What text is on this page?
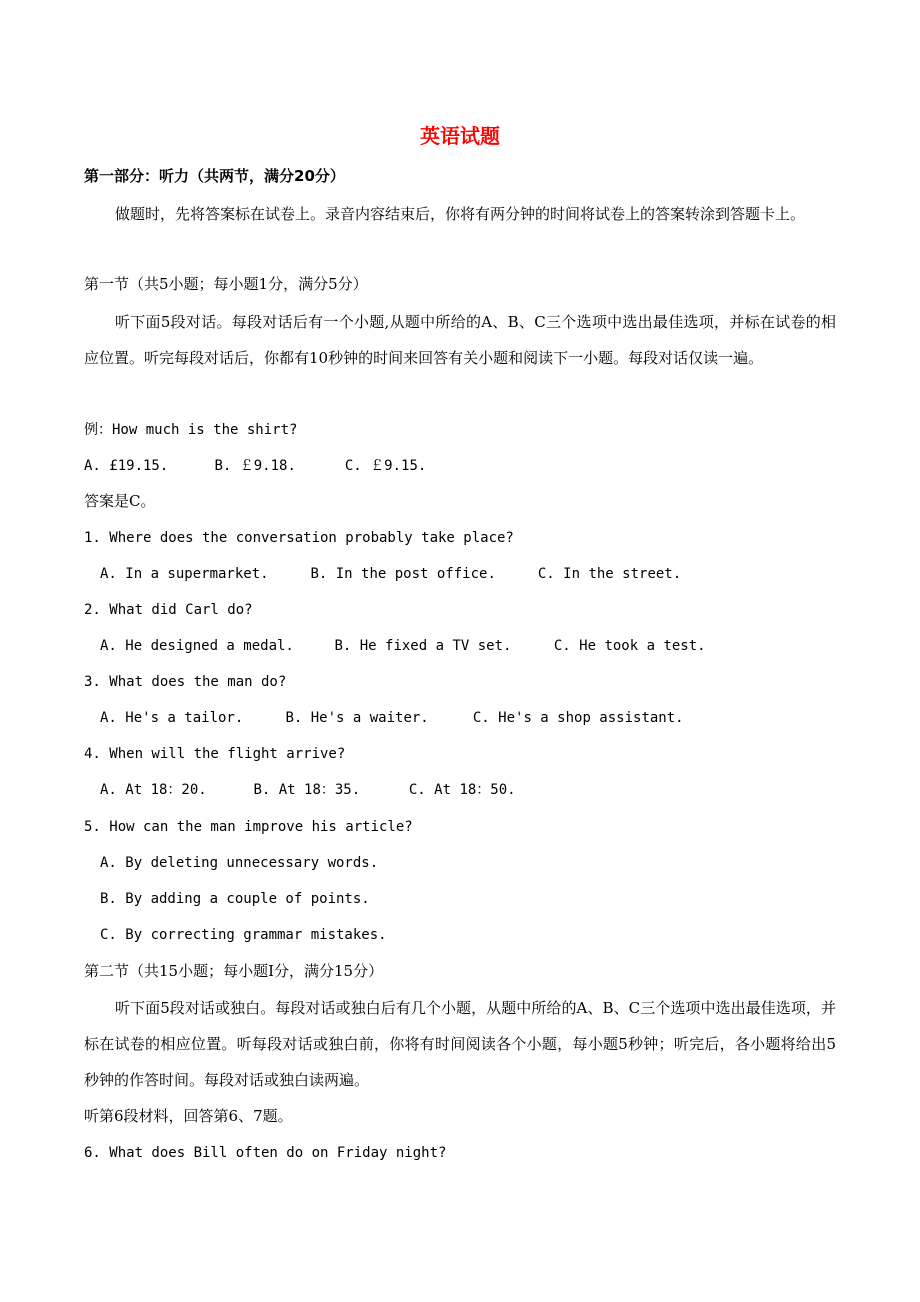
英语试题
第一部分：听力（共两节，满分20分）
做题时，先将答案标在试卷上。录音内容结束后，你将有两分钟的时间将试卷上的答案转涂到答题卡上。
第一节（共5小题；每小题1分，满分5分）
听下面5段对话。每段对话后有一个小题,从题中所给的A、B、C三个选项中选出最佳选项，并标在试卷的相应位置。听完每段对话后，你都有10秒钟的时间来回答有关小题和阅读下一小题。每段对话仅读一遍。
例：How much is the shirt?
A. £19.15.	B. ￡9.18.	C. ￡9.15.
答案是C。
1. Where does the conversation probably take place?
A. In a supermarket.	B. In the post office.	C. In the street.
2. What did Carl do?
A. He designed a medal.	B. He fixed a TV set.	C. He took a test.
3. What does the man do?
A. He's a tailor.	B. He's a waiter.	C. He's a shop assistant.
4. When will the flight arrive?
A. At 18：20.	B. At 18：35.	C. At 18：50.
5. How can the man improve his article?
A. By deleting unnecessary words.
B. By adding a couple of points.
C. By correcting grammar mistakes.
第二节（共15小题；每小题I分，满分15分）
听下面5段对话或独白。每段对话或独白后有几个小题，从题中所给的A、B、C三个选项中选出最佳选项，并标在试卷的相应位置。听每段对话或独白前，你将有时间阅读各个小题，每小题5秒钟；听完后，各小题将给出5秒钟的作答时间。每段对话或独白读两遍。
听第6段材料，回答第6、7题。
6. What does Bill often do on Friday night?
